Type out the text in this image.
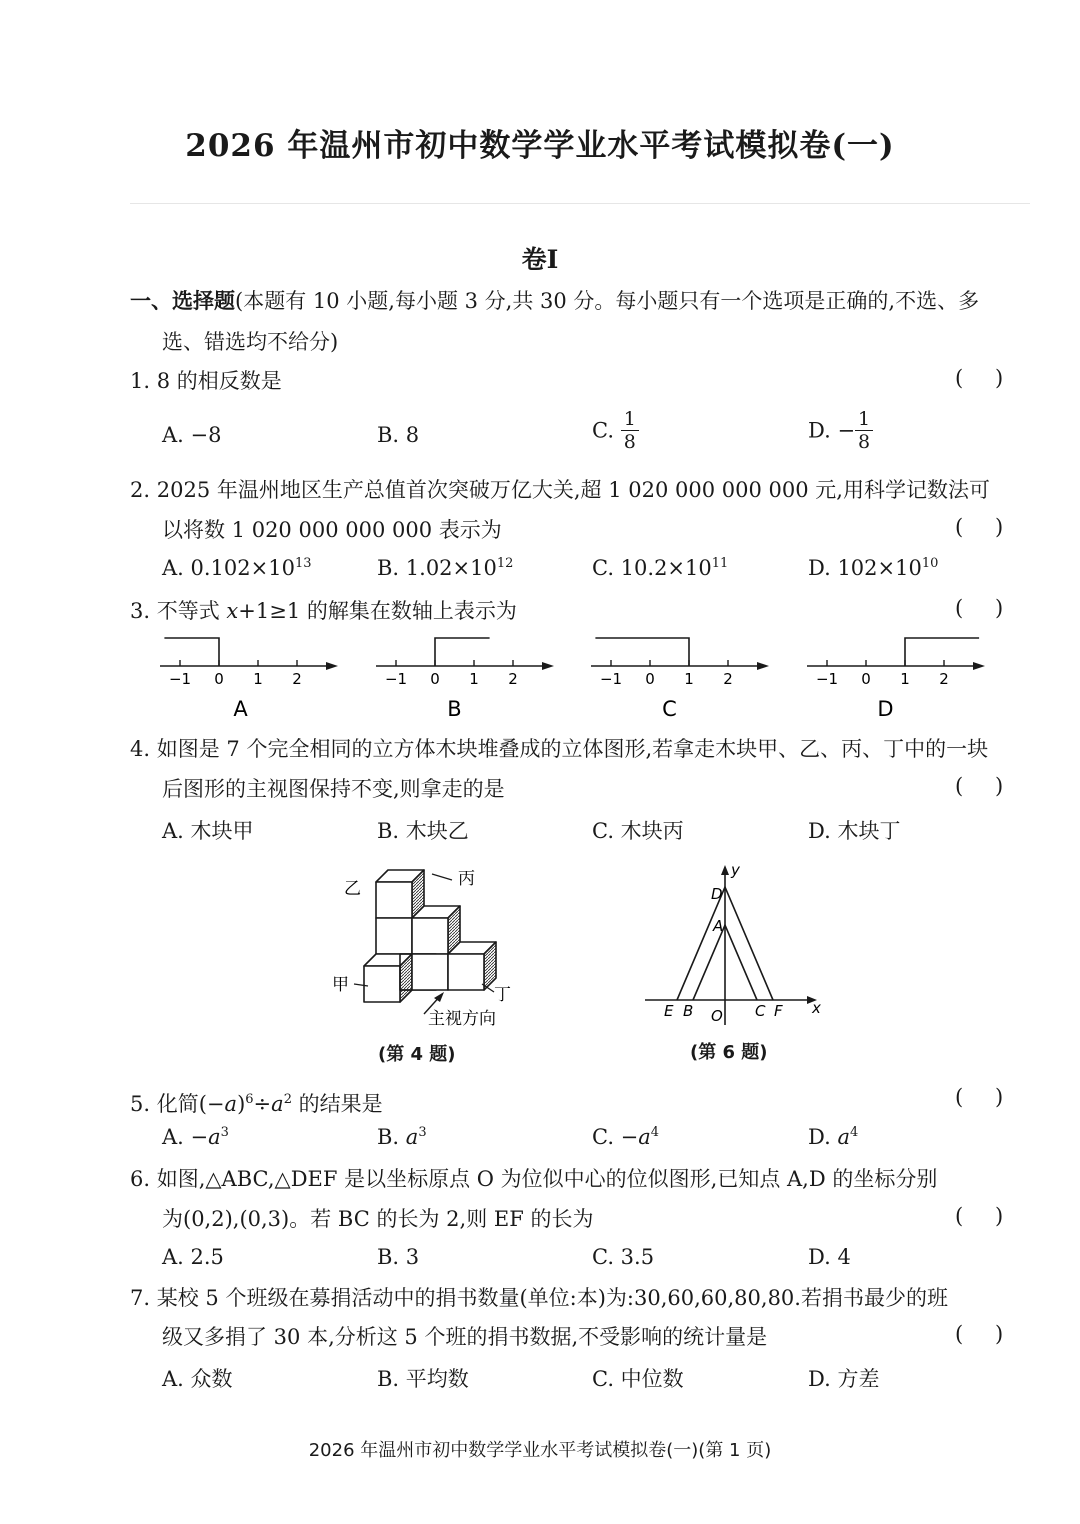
2026 年温州市初中数学学业水平考试模拟卷(一)
卷Ⅰ
一、选择题(本题有 10 小题,每小题 3 分,共 30 分。每小题只有一个选项是正确的,不选、多
选、错选均不给分)
1. 8 的相反数是	( )
A. −8	B. 8	C. $\frac{1}{8}$	D. − $\frac{1}{8}$
2. 2025 年温州地区生产总值首次突破万亿大关,超 1 020 000 000 000 元,用科学记数法可
以将数 1 020 000 000 000 表示为	( )
A. $0.102\times 10^{13}$	B. $1.02\times 10^{12}$	C. $10.2\times 10^{11}$	D. $102\times 10^{10}$
3. 不等式 x+1≥1 的解集在数轴上表示为	( )
−1 0 1 2
A
−1 0 1 2
B
−1 0 1 2
C
−1 0 1 2
D
4. 如图是 7 个完全相同的立方体木块堆叠成的立体图形,若拿走木块甲、乙、丙、丁中的一块
后图形的主视图保持不变,则拿走的是	( )
A. 木块甲	B. 木块乙	C. 木块丙	D. 木块丁
乙	丙
甲	丁
主视方向
(第 4 题)
y
x
D
A
E B O C F
(第 6 题)
5. 化简$(-a)^6\div a^2$ 的结果是	( )
A. $-a^3$	B. $a^3$	C. $-a^4$	D. $a^4$
6. 如图,△ABC,△DEF 是以坐标原点 O 为位似中心的位似图形,已知点 A,D 的坐标分别
为(0,2),(0,3)。若 BC 的长为 2,则 EF 的长为	( )
A. 2.5	B. 3	C. 3.5	D. 4
7. 某校 5 个班级在募捐活动中的捐书数量(单位:本)为:30,60,60,80,80.若捐书最少的班
级又多捐了 30 本,分析这 5 个班的捐书数据,不受影响的统计量是	( )
A. 众数	B. 平均数	C. 中位数	D. 方差
2026 年温州市初中数学学业水平考试模拟卷(一)(第 1 页)
